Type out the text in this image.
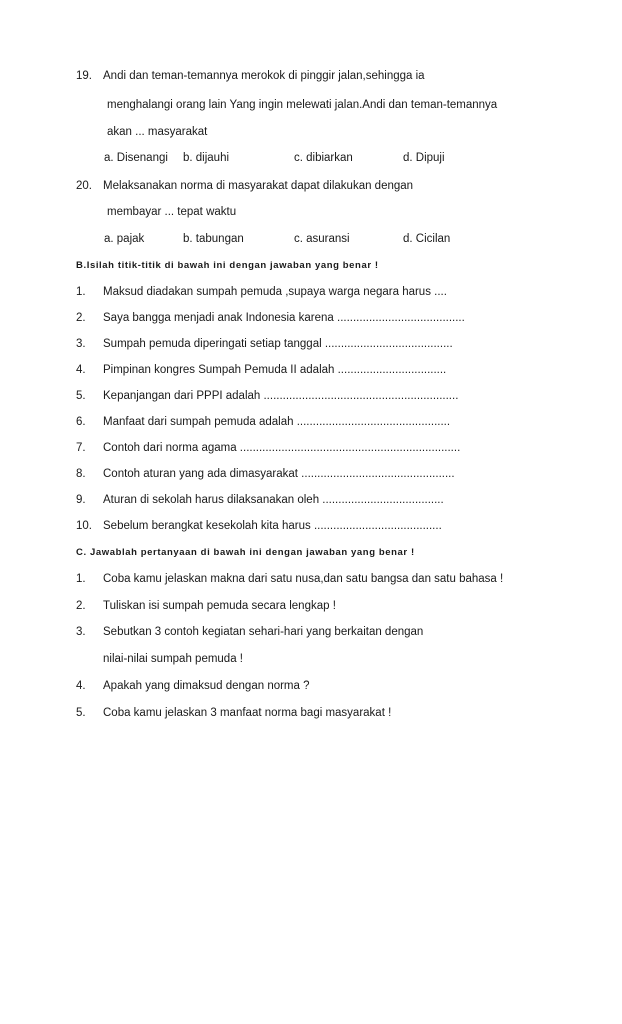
19. Andi dan teman-temannya merokok di pinggir jalan,sehingga ia
menghalangi orang lain Yang ingin melewati jalan.Andi dan teman-temannya
akan ... masyarakat
a. Disenangi b. dijauhi	c. dibiarkan	d. Dipuji
20. Melaksanakan norma di masyarakat dapat dilakukan dengan
membayar ... tepat waktu
a. pajak	b. tabungan	c. asuransi	d. Cicilan
B.Isilah titik-titik di bawah ini dengan jawaban yang benar !
1.	Maksud diadakan sumpah pemuda ,supaya warga negara harus ....
2.	Saya bangga menjadi anak Indonesia karena ........................................
3.	Sumpah pemuda diperingati setiap tanggal ........................................
4.	Pimpinan kongres Sumpah Pemuda II adalah ..................................
5.	Kepanjangan dari PPPI adalah .............................................................
6.	Manfaat dari sumpah pemuda adalah ................................................
7.	Contoh dari norma agama .....................................................................
8.	Contoh aturan yang ada dimasyarakat ................................................
9.	Aturan di sekolah harus dilaksanakan oleh ......................................
10. Sebelum berangkat kesekolah kita harus ........................................
C. Jawablah pertanyaan di bawah ini dengan jawaban yang benar !
1.	Coba kamu jelaskan makna dari satu nusa,dan satu bangsa dan satu bahasa !
2.	Tuliskan isi sumpah pemuda secara lengkap !
3.	Sebutkan 3 contoh kegiatan sehari-hari yang berkaitan dengan
nilai-nilai sumpah pemuda !
4.	Apakah yang dimaksud dengan norma ?
5.	Coba kamu jelaskan 3 manfaat norma bagi masyarakat !
